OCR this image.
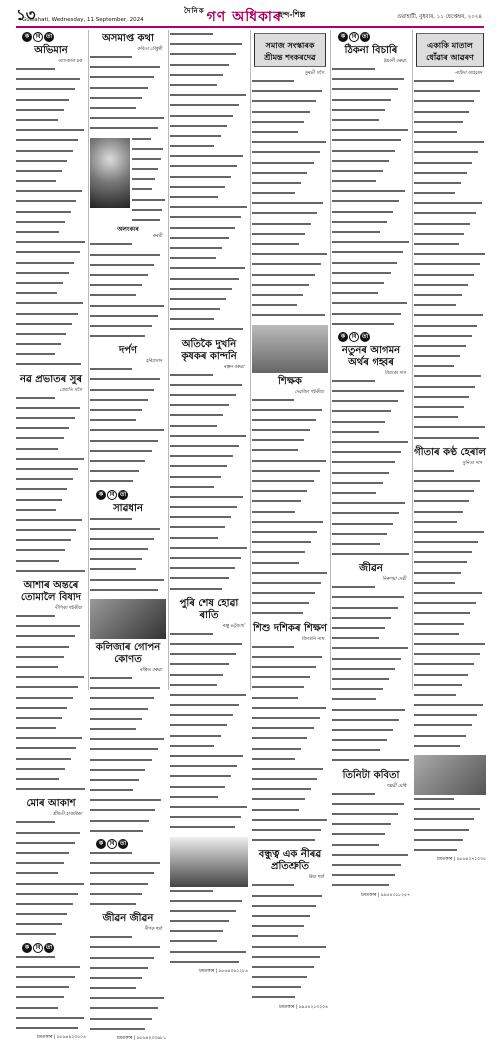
১৩
Guwahati, Wednesday, 11 September, 2024
$^{দৈনিক}$ গণ অধিকাৰ
ছন্দ-শিল্প	গুৱাহাটী, বুধবাৰ, ১১ ছেপ্তেম্বৰ, ২০২৪
ক	বি তা
অভিমান
আফজাল হক
নৱ প্ৰভাতৰ সুৰ
জ্যোতি গগৈ
আশাৰ অন্তৰে তোমালৈ বিষাদ
দীপিকা শইকীয়া
মোৰ আকাশ
শ্ৰীমতী হাজৰিকা
ক	বি তা
চমতকাৰ | ৯৮৬৪৯২৩৫০৪
অসমাপ্ত কথা
কবিতা চৌধুৰী
অলংকাৰ
কৰবী
দৰ্পণ
হৰিপ্ৰসাদ
ক	বি তা
সাৱধান
কলিজাৰ গোপন কোণত
ৰঞ্জিত বৰুৱা
ক	বি তা
জীৱন জীৱন
দীপক শৰ্মা
চমতকাৰ | ৯৮৬৪০০৩৬৮১
অতিকৈ দুখনি কৃষকৰ কান্দনি
ৰঞ্জন বৰুৱা
পুৰি শেষ হোৱা ৰাতি
ৰঞ্জু ভট্টাচাৰ্য
চমতকাৰ | ৯৮৬৪০৬২২৮৪
সমাজ সংস্কাৰক শ্ৰীমন্ত শংকৰদেৱ
সুৰভী গগৈ
শিক্ষক
দেৱজিৎ শইকীয়া
শিশু দশিকৰ শিক্ষণ
জিৎমনি নাথ
বন্ধুত্ব এক নীৰৱ প্ৰতিশ্ৰুতি
ৰিয়া শৰ্মা
চমতকাৰ | ৯৯৫৪২১৩২০৪
ক	বি তা
ঠিকনা বিচাৰি
ইন্দ্ৰানী বৰুৱা
ক	বি তা
নতুনৰ আগমন অৰ্থৰ গহ্বৰ
প্ৰিয়ংকা দাস
জীৱন
নিৰুপমা দেৱী
তিনিটা কবিতা
পল্লৱী মেধি
চমতকাৰ | ৯৯৫৪৩১৮২৫৭
একাকি মাতাল ধোঁৱাৰ আৱৰণ
নাহিদা আহমেদ
গীতাৰ কণ্ঠ হেৰাল
সুনিতা দাস
চমতকাৰ | ৯৮৬৪২৭১০৩৫
